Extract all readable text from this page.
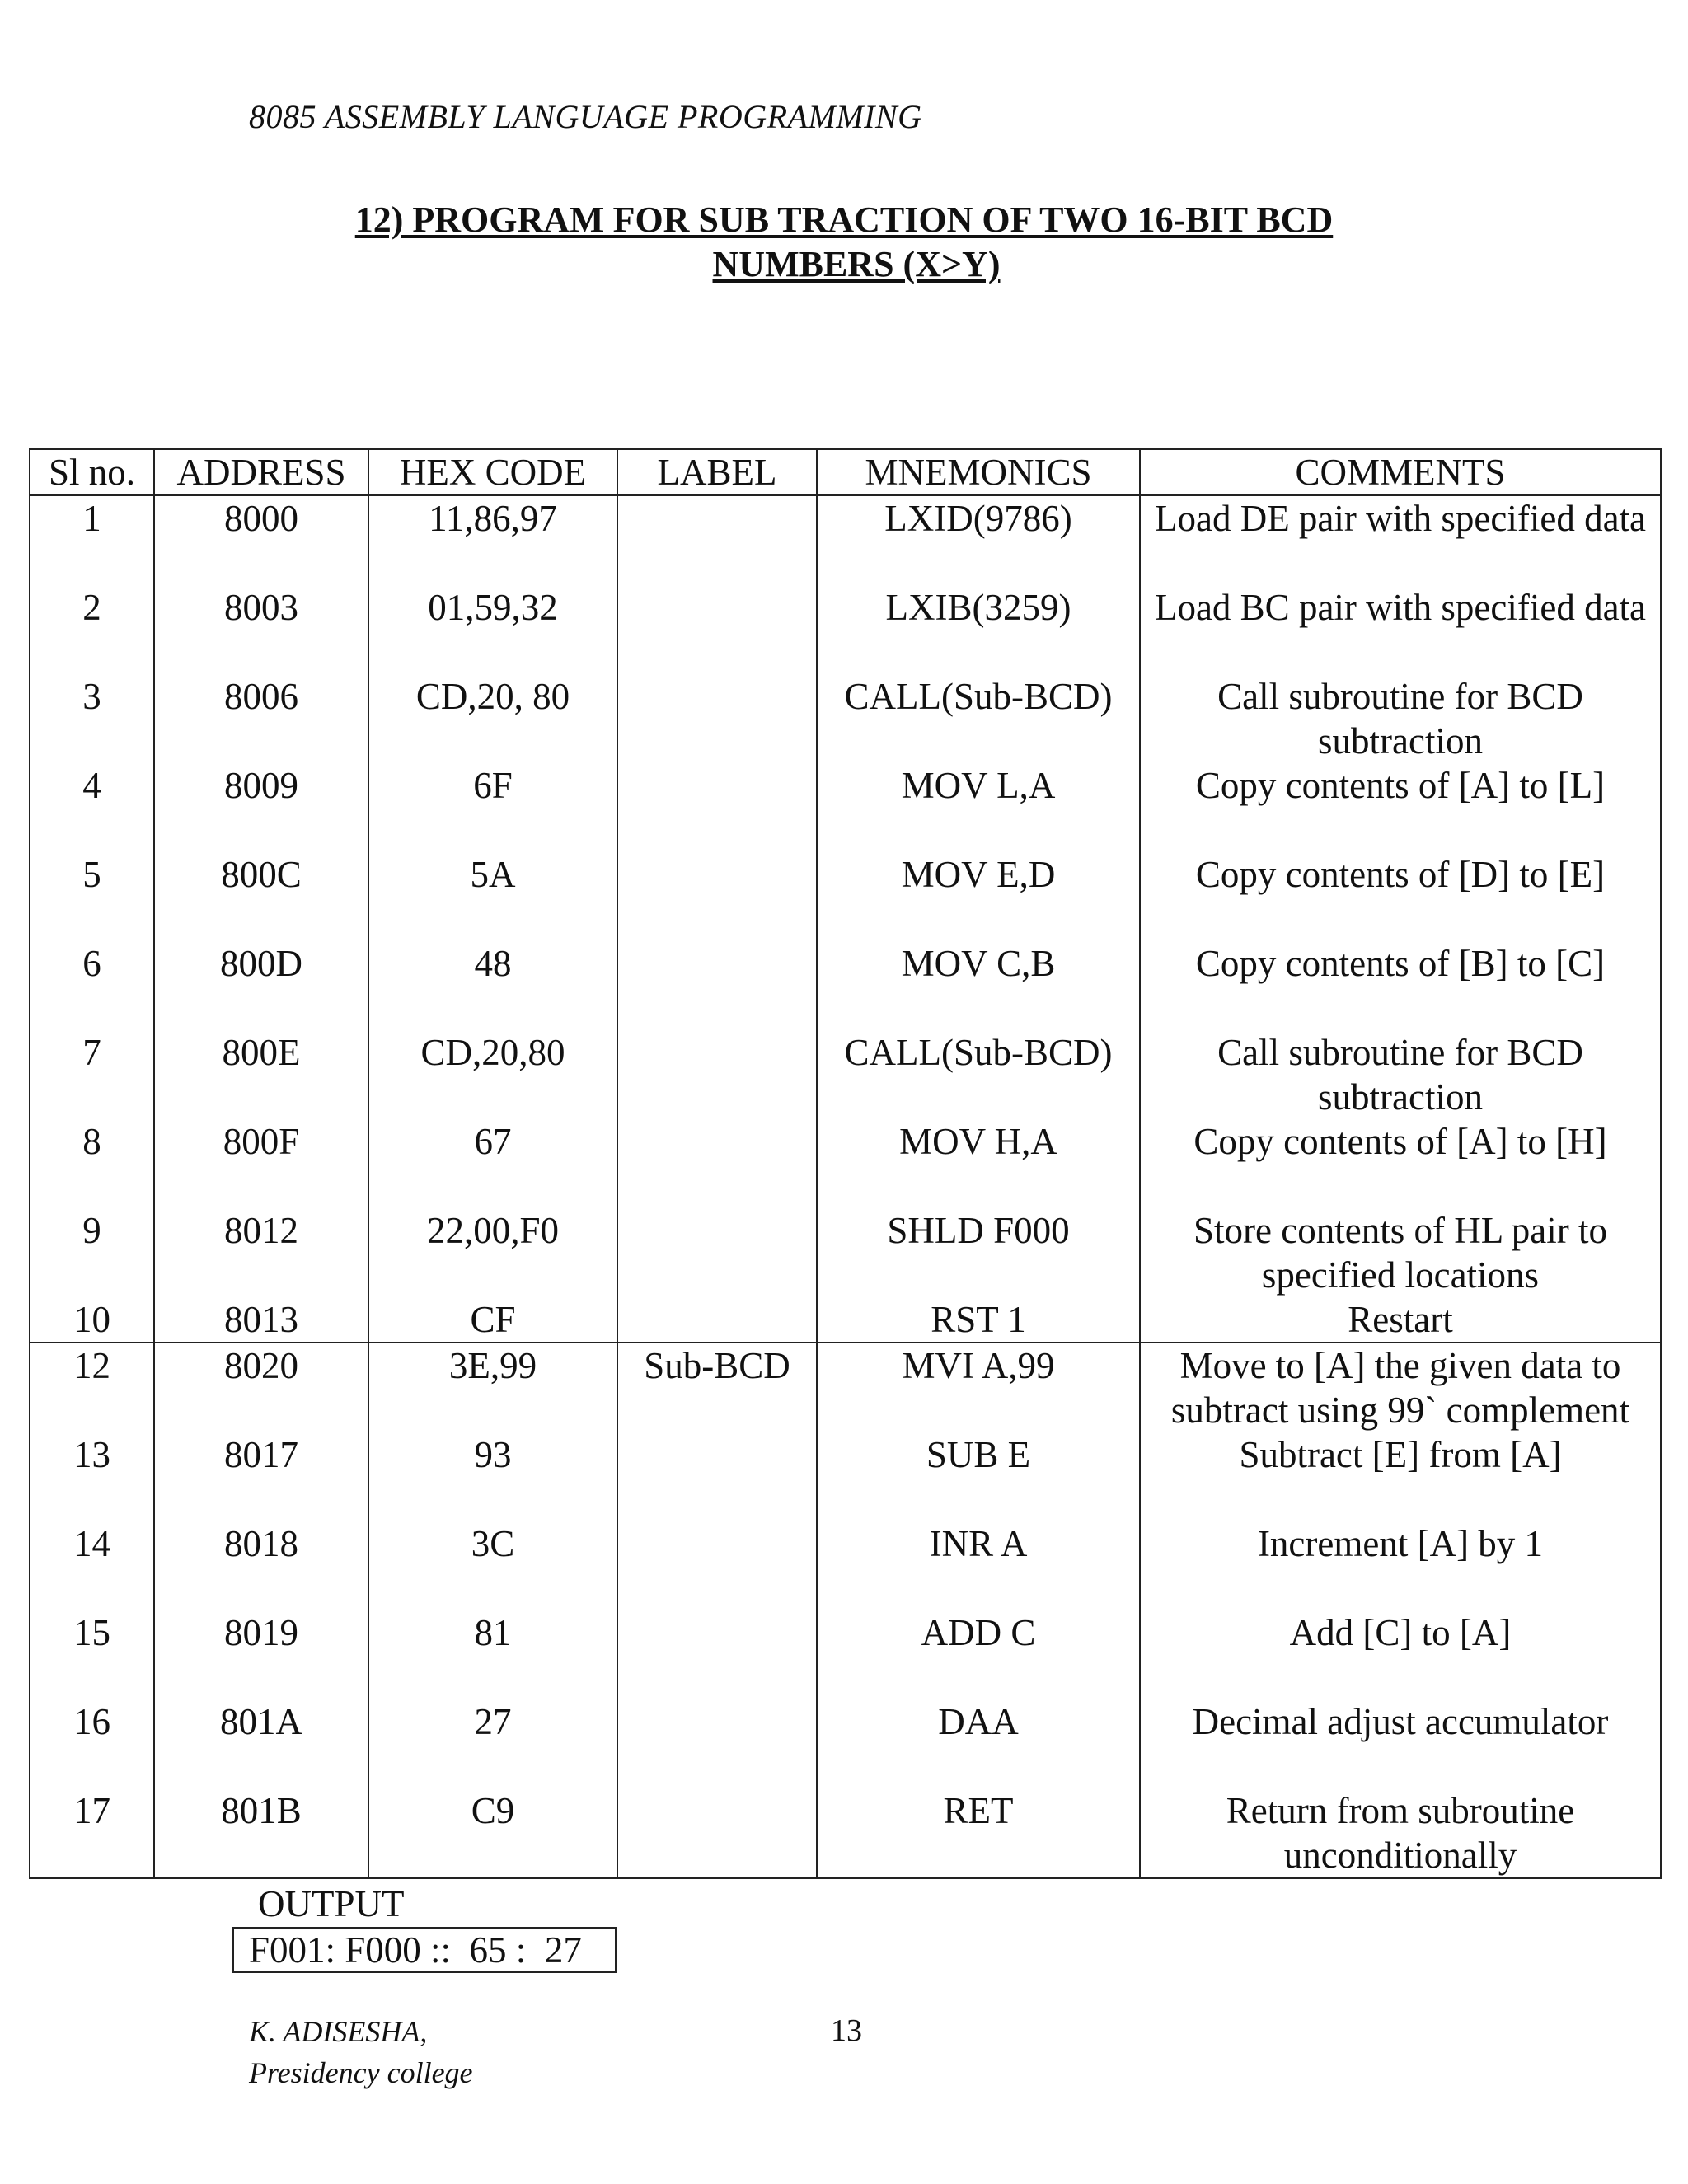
8085 ASSEMBLY LANGUAGE PROGRAMMING
12) PROGRAM FOR SUB TRACTION OF TWO 16-BIT BCD
NUMBERS (X>Y)
Sl no.	ADDRESS	HEX CODE	LABEL	MNEMONICS	COMMENTS
1	8000	11,86,97		LXID(9786)	Load DE pair with specified data
2	8003	01,59,32		LXIB(3259)	Load BC pair with specified data
3	8006	CD,20, 80		CALL(Sub-BCD)	Call subroutine for BCD subtraction
4	8009	6F		MOV L,A	Copy contents of [A] to [L]
5	800C	5A		MOV E,D	Copy contents of [D] to [E]
6	800D	48		MOV C,B	Copy contents of [B] to [C]
7	800E	CD,20,80		CALL(Sub-BCD)	Call subroutine for BCD subtraction
8	800F	67		MOV H,A	Copy contents of [A] to [H]
9	8012	22,00,F0		SHLD F000	Store contents of HL pair to specified locations
10	8013	CF		RST 1	Restart
12	8020	3E,99	Sub-BCD	MVI A,99	Move to [A] the given data to subtract using 99` complement
13	8017	93		SUB E	Subtract [E] from [A]
14	8018	3C		INR A	Increment [A] by 1
15	8019	81		ADD C	Add [C] to [A]
16	801A	27		DAA	Decimal adjust accumulator
17	801B	C9		RET	Return from subroutine unconditionally
OUTPUT
F001: F000 ::  65 :  27
K. ADISESHA,
Presidency college
13
